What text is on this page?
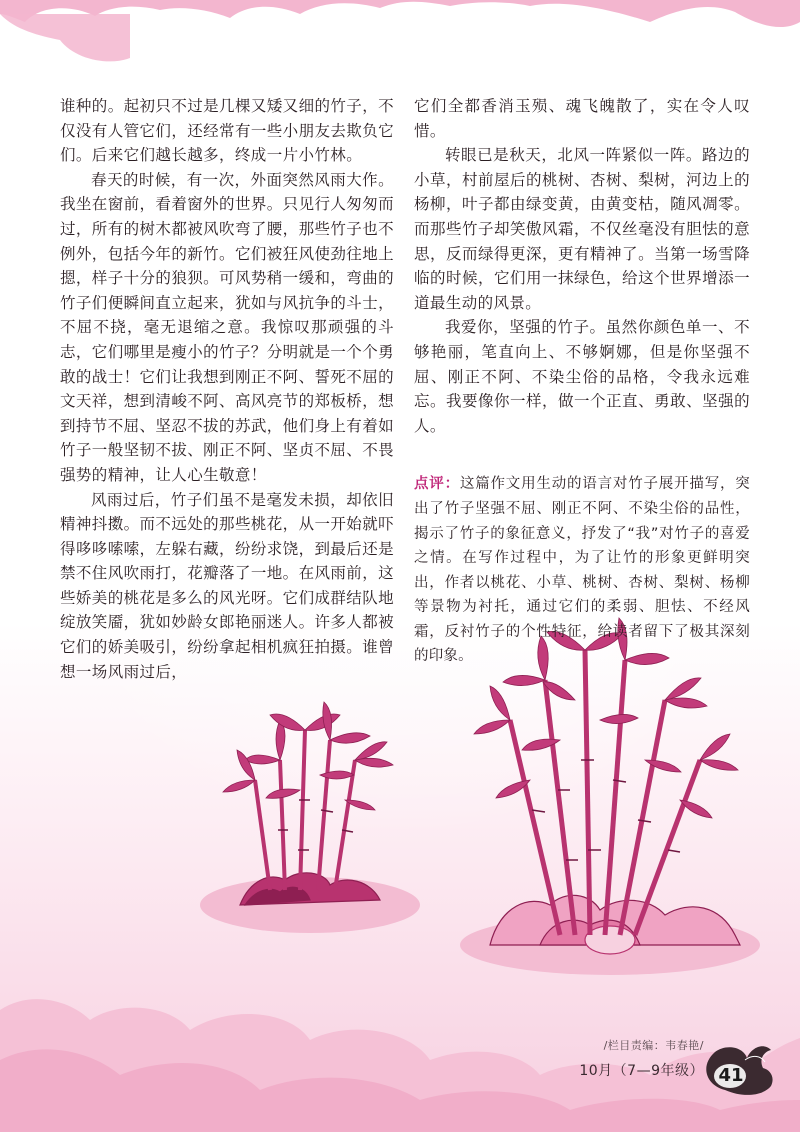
谁种的。起初只不过是几棵又矮又细的竹子，不仅没有人管它们，还经常有一些小朋友去欺负它们。后来它们越长越多，终成一片小竹林。

春天的时候，有一次，外面突然风雨大作。我坐在窗前，看着窗外的世界。只见行人匆匆而过，所有的树木都被风吹弯了腰，那些竹子也不例外，包括今年的新竹。它们被狂风使劲往地上摁，样子十分的狼狈。可风势稍一缓和，弯曲的竹子们便瞬间直立起来，犹如与风抗争的斗士，不屈不挠，毫无退缩之意。我惊叹那顽强的斗志，它们哪里是瘦小的竹子？分明就是一个个勇敢的战士！它们让我想到刚正不阿、誓死不屈的文天祥，想到清峻不阿、高风亮节的郑板桥，想到持节不屈、坚忍不拔的苏武，他们身上有着如竹子一般坚韧不拔、刚正不阿、坚贞不屈、不畏强势的精神，让人心生敬意！

风雨过后，竹子们虽不是毫发未损，却依旧精神抖擞。而不远处的那些桃花，从一开始就吓得哆哆嗦嗦，左躲右藏，纷纷求饶，到最后还是禁不住风吹雨打，花瓣落了一地。在风雨前，这些娇美的桃花是多么的风光呀。它们成群结队地绽放笑靥，犹如妙龄女郎艳丽迷人。许多人都被它们的娇美吸引，纷纷拿起相机疯狂拍摄。谁曾想一场风雨过后，

它们全都香消玉殒、魂飞魄散了，实在令人叹惜。

转眼已是秋天，北风一阵紧似一阵。路边的小草，村前屋后的桃树、杏树、梨树，河边上的杨柳，叶子都由绿变黄，由黄变枯，随风凋零。而那些竹子却笑傲风霜，不仅丝毫没有胆怯的意思，反而绿得更深，更有精神了。当第一场雪降临的时候，它们用一抹绿色，给这个世界增添一道最生动的风景。

我爱你，坚强的竹子。虽然你颜色单一、不够艳丽，笔直向上、不够婀娜，但是你坚强不屈、刚正不阿、不染尘俗的品格，令我永远难忘。我要像你一样，做一个正直、勇敢、坚强的人。

点评：这篇作文用生动的语言对竹子展开描写，突出了竹子坚强不屈、刚正不阿、不染尘俗的品性，揭示了竹子的象征意义，抒发了“我”对竹子的喜爱之情。在写作过程中，为了让竹的形象更鲜明突出，作者以桃花、小草、桃树、杏树、梨树、杨柳等景物为衬托，通过它们的柔弱、胆怯、不经风霜，反衬竹子的个性特征，给读者留下了极其深刻的印象。

/栏目责编：韦春艳/
10月（7—9年级） 41
